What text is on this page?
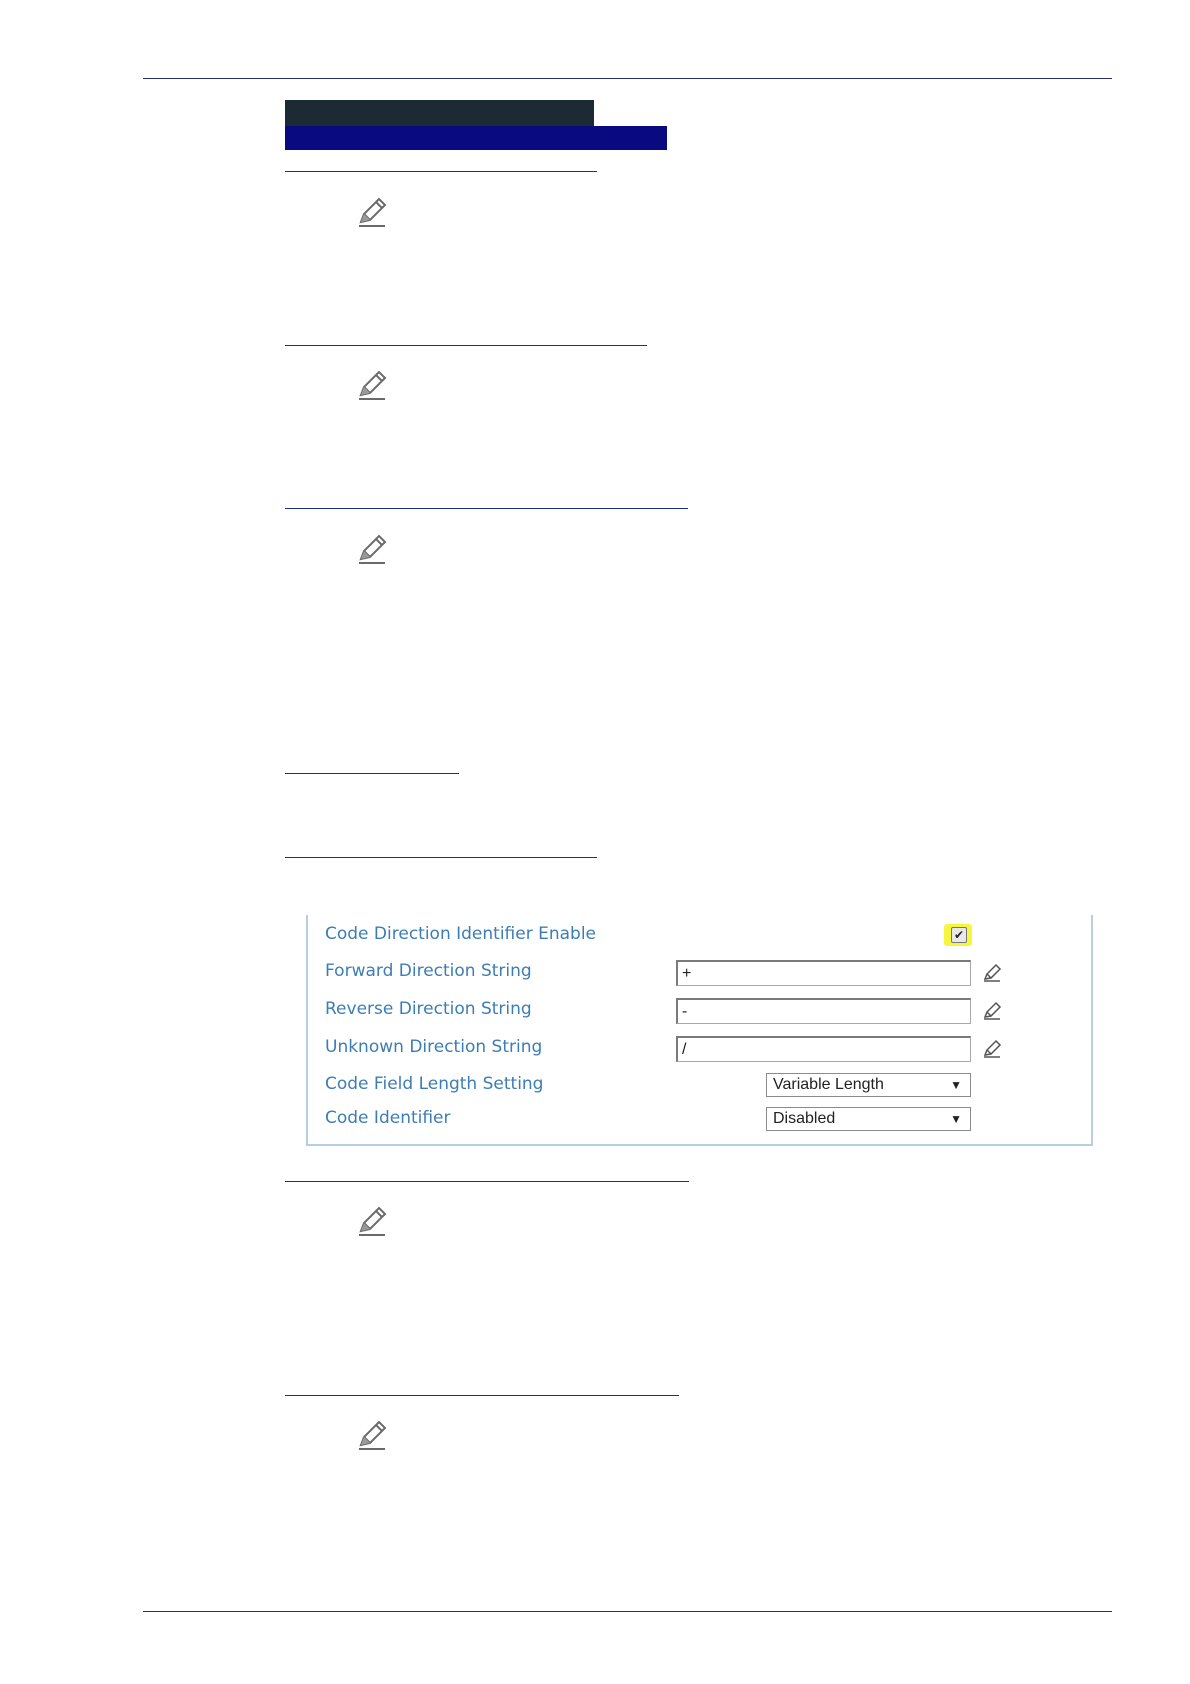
Code Direction Identifier Enable	✔
Forward Direction String	+
Reverse Direction String	-
Unknown Direction String	/
Code Field Length Setting	Variable Length	▼
Code Identifier	Disabled	▼
